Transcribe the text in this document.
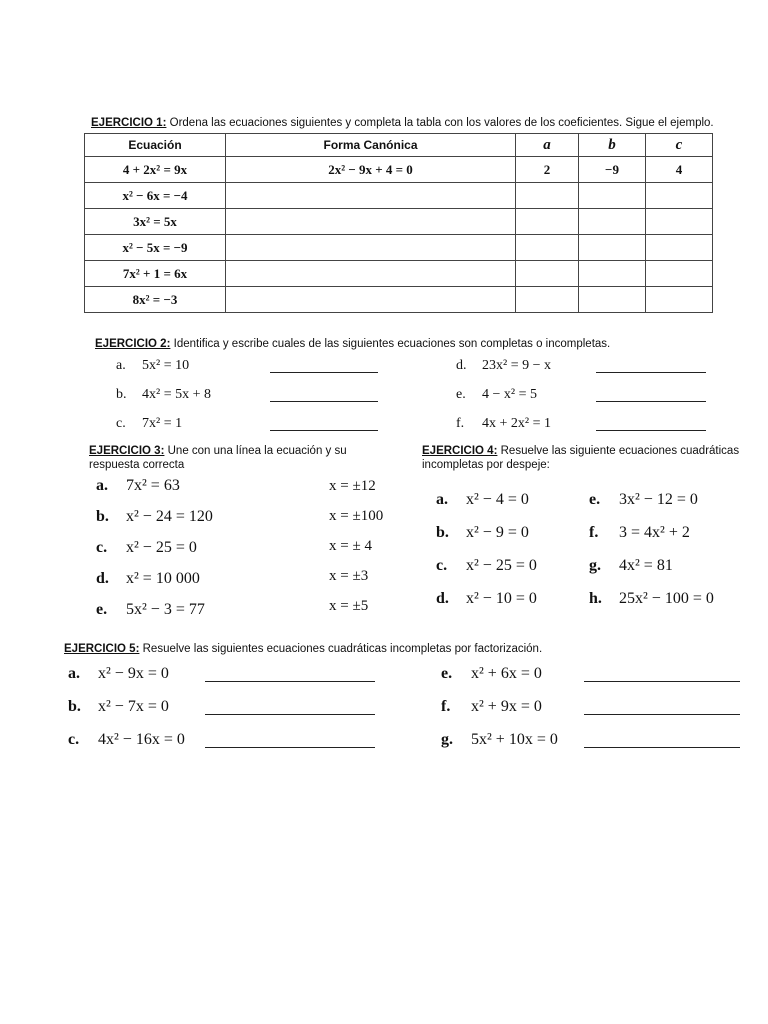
EJERCICIO 1: Ordena las ecuaciones siguientes y completa la tabla con los valores de los coeficientes. Sigue el ejemplo.
Ecuación	Forma Canónica	a	b	c
4 + 2x² = 9x	2x² − 9x + 4 = 0	2	−9	4
x² − 6x = −4				
3x² = 5x				
x² − 5x = −9				
7x² + 1 = 6x				
8x² = −3				
EJERCICIO 2: Identifica y escribe cuales de las siguientes ecuaciones son completas o incompletas.
a. 5x² = 10
b. 4x² = 5x + 8
c. 7x² = 1
d. 23x² = 9 − x
e. 4 − x² = 5
f. 4x + 2x² = 1
EJERCICIO 3: Une con una línea la ecuación y su respuesta correcta
a. 7x² = 63
b. x² − 24 = 120
c. x² − 25 = 0
d. x² = 10 000
e. 5x² − 3 = 77
x = ±12
x = ±100
x = ± 4
x = ±3
x = ±5
EJERCICIO 4: Resuelve las siguiente ecuaciones cuadráticas incompletas por despeje:
a. x² − 4 = 0
b. x² − 9 = 0
c. x² − 25 = 0
d. x² − 10 = 0
e. 3x² − 12 = 0
f. 3 = 4x² + 2
g. 4x² = 81
h. 25x² − 100 = 0
EJERCICIO 5: Resuelve las siguientes ecuaciones cuadráticas incompletas por factorización.
a. x² − 9x = 0
b. x² − 7x = 0
c. 4x² − 16x = 0
e. x² + 6x = 0
f. x² + 9x = 0
g. 5x² + 10x = 0
